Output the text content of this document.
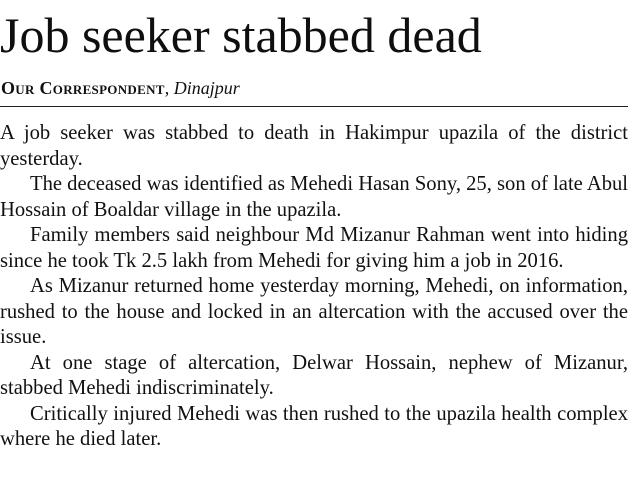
Job seeker stabbed dead
Our Correspondent, Dinajpur

A job seeker was stabbed to death in Hakimpur upazila of the district yesterday.

The deceased was identified as Mehedi Hasan Sony, 25, son of late Abul Hossain of Boaldar village in the upazila.

Family members said neighbour Md Mizanur Rahman went into hiding since he took Tk 2.5 lakh from Mehedi for giving him a job in 2016.

As Mizanur returned home yesterday morning, Mehedi, on information, rushed to the house and locked in an altercation with the accused over the issue.

At one stage of altercation, Delwar Hossain, nephew of Mizanur, stabbed Mehedi indiscriminately.

Critically injured Mehedi was then rushed to the upazila health complex where he died later.
